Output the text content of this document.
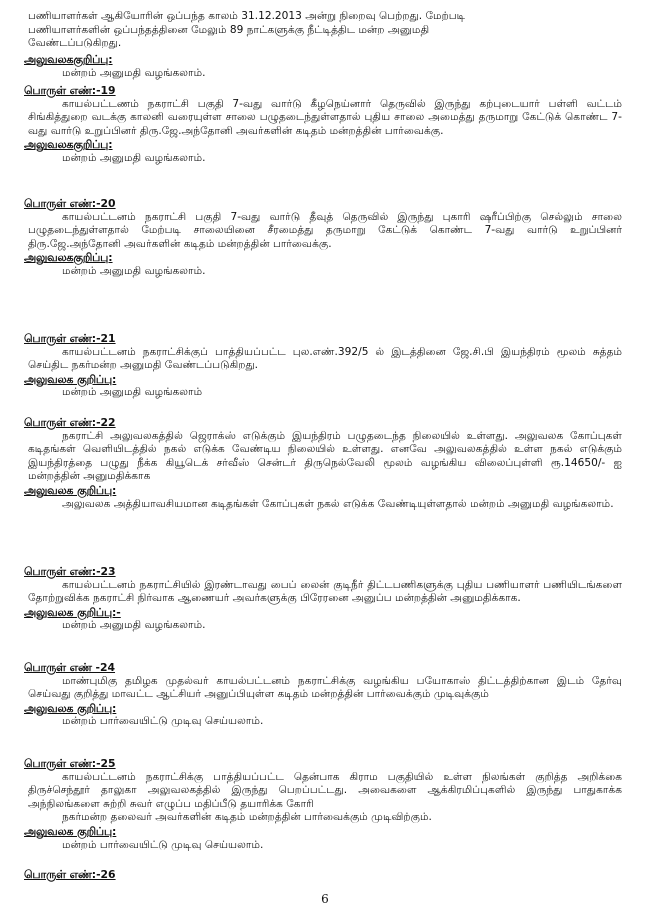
பணியாளர்கள் ஆகியோரின் ஒப்பந்த காலம் 31.12.2013 அன்று நிறைவு பெற்றது. மேற்படி
பணியாளர்களின் ஒப்பந்தத்தினை மேலும் 89 நாட்களுக்கு நீட்டித்திட மன்ற அனுமதி
வேண்டப்படுகிறது.
அலுவலககுறிப்பு:
மன்றம் அனுமதி வழங்கலாம்.
பொருள் எண்:-19

காயல்பட்டணம் நகராட்சி பகுதி 7-வது வார்டு கீழநெய்னார் தெருவில் இருந்து கற்புடையார் பள்ளி வட்டம் சிங்கித்துறை வடக்கு காலனி வரையுள்ள சாலை பழுதடைந்துள்ளதால் புதிய சாலை அமைத்து தருமாறு கேட்டுக் கொண்ட 7-வது வார்டு உறுப்பினர் திரு.ஜே.அந்தோனி அவர்களின் கடிதம் மன்றத்தின் பார்வைக்கு.

அலுவலககுறிப்பு:
மன்றம் அனுமதி வழங்கலாம்.
பொருள் எண்:-20

காயல்பட்டனம் நகராட்சி பகுதி 7-வது வார்டு தீவுத் தெருவில் இருந்து புகாரி ஷரீப்பிற்கு செல்லும் சாலை பழுதடைந்துள்ளதால் மேற்படி சாலையினை சீரமைத்து தருமாறு கேட்டுக் கொண்ட 7-வது வார்டு உறுப்பினர் திரு.ஜே.அந்தோனி அவர்களின் கடிதம் மன்றத்தின் பார்வைக்கு.

அலுவலககுறிப்பு:
மன்றம் அனுமதி வழங்கலாம்.
பொருள் எண்:-21

காயல்பட்டனம் நகராட்சிக்குப் பாத்தியப்பட்ட புல.எண்.392/5 ல் இடத்தினை ஜே.சி.பி இயந்திரம் மூலம் சுத்தம் செய்திட நகர்மன்ற அனுமதி வேண்டப்படுகிறது.

அலுவலக குறிப்பு:
மன்றம் அனுமதி வழங்கலாம்
பொருள் எண்:-22

நகராட்சி அலுவலகத்தில் ஜெராக்ஸ் எடுக்கும் இயந்திரம் பழுதடைந்த நிலையில் உள்ளது. அலுவலக கோப்புகள் கடிதங்கள் வெளியிடத்தில் நகல் எடுக்க வேண்டிய நிலையில் உள்ளது. எனவே அலுவலகத்தில் உள்ள நகல் எடுக்கும் இயந்திரத்தை பழுது நீக்க கியூடெக் சர்வீஸ் சென்டர் திருநெல்வேலி மூலம் வழங்கிய விலைப்புள்ளி ரூ.14650/- ஐ மன்றத்தின் அனுமதிக்காக

அலுவலக குறிப்பு:

அலுவலக அத்தியாவசியமான கடிதங்கள் கோப்புகள் நகல் எடுக்க வேண்டியுள்ளதால் மன்றம் அனுமதி வழங்கலாம்.

பொருள் எண்:-23

காயல்பட்டனம் நகராட்சியில் இரண்டாவது பைப் லைன் குடிநீர் திட்டபணிகளுக்கு புதிய பணியாளர் பணியிடங்களை தோற்றுவிக்க நகராட்சி நிர்வாக ஆணையர் அவர்களுக்கு பிரேரனை அனுப்ப மன்றத்தின் அனுமதிக்காக.

அலுவலக குறிப்பு:-
மன்றம் அனுமதி வழங்கலாம்.
பொருள் எண் -24

மாண்புமிகு தமிழக முதல்வர் காயல்பட்டனம் நகராட்சிக்கு வழங்கிய பயோகாஸ் திட்டத்திற்கான இடம் தேர்வு செய்வது குறித்து மாவட்ட ஆட்சியர் அனுப்பியுள்ள கடிதம் மன்றத்தின் பார்வைக்கும் முடிவுக்கும்

அலுவலக குறிப்பு:
மன்றம் பார்வையிட்டு முடிவு செய்யலாம்.
பொருள் எண்:-25

காயல்பட்டனம் நகராட்சிக்கு பாத்தியப்பட்ட தென்பாக கிராம பகுதியில் உள்ள நிலங்கள் குறித்த அறிக்கை திருச்செந்தூர் தாலுகா அலுவலகத்தில் இருந்து பெறப்பட்டது. அவைகளை ஆக்கிரமிப்புகளில் இருந்து பாதுகாக்க அந்நிலங்களை சுற்றி சுவர் எழுப்ப மதிப்பீடு தயாரிக்க கோரி

நகர்மன்ற தலைவர் அவர்களின் கடிதம் மன்றத்தின் பார்வைக்கும் முடிவிற்கும்.
அலுவலக குறிப்பு:
மன்றம் பார்வையிட்டு முடிவு செய்யலாம்.
பொருள் எண்:-26
6
